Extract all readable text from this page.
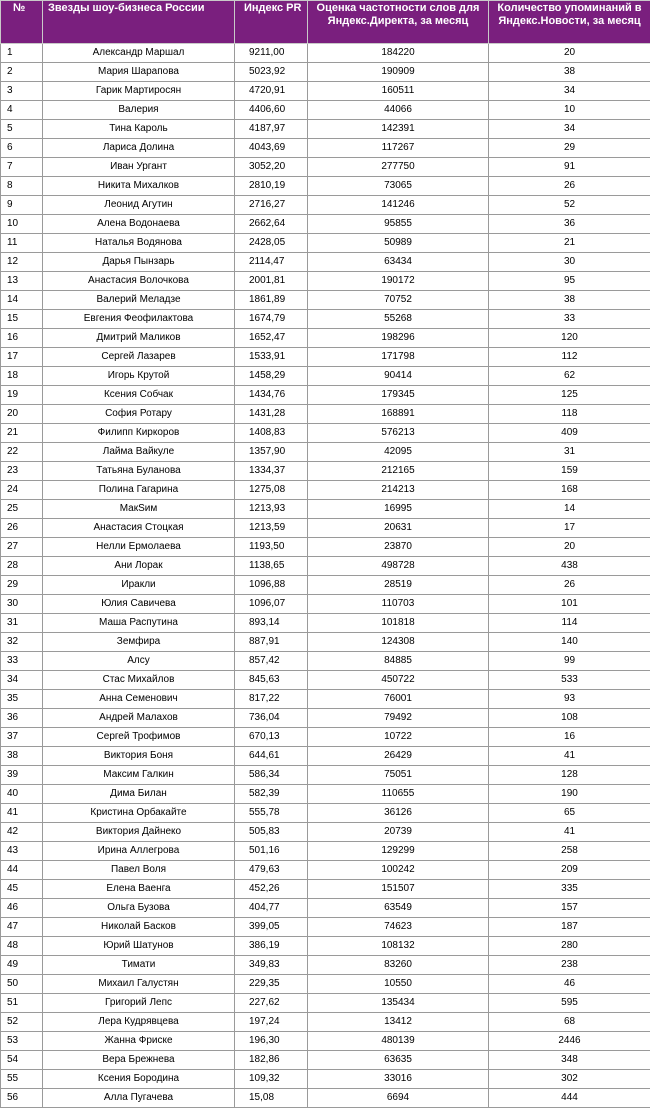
№	Звезды шоу-бизнеса России	Индекс PR	Оценка частотности слов для Яндекс.Директа, за месяц	Количество упоминаний в Яндекс.Новости, за месяц
1	Александр Маршал	9211,00	184220	20
2	Мария Шарапова	5023,92	190909	38
3	Гарик Мартиросян	4720,91	160511	34
4	Валерия	4406,60	44066	10
5	Тина Кароль	4187,97	142391	34
6	Лариса Долина	4043,69	117267	29
7	Иван Ургант	3052,20	277750	91
8	Никита Михалков	2810,19	73065	26
9	Леонид Агутин	2716,27	141246	52
10	Алена Водонаева	2662,64	95855	36
11	Наталья Водянова	2428,05	50989	21
12	Дарья Пынзарь	2114,47	63434	30
13	Анастасия Волочкова	2001,81	190172	95
14	Валерий Меладзе	1861,89	70752	38
15	Евгения Феофилактова	1674,79	55268	33
16	Дмитрий Маликов	1652,47	198296	120
17	Сергей Лазарев	1533,91	171798	112
18	Игорь Крутой	1458,29	90414	62
19	Ксения Собчак	1434,76	179345	125
20	София Ротару	1431,28	168891	118
21	Филипп Киркоров	1408,83	576213	409
22	Лайма Вайкуле	1357,90	42095	31
23	Татьяна Буланова	1334,37	212165	159
24	Полина Гагарина	1275,08	214213	168
25	МакSим	1213,93	16995	14
26	Анастасия Стоцкая	1213,59	20631	17
27	Нелли Ермолаева	1193,50	23870	20
28	Ани Лорак	1138,65	498728	438
29	Иракли	1096,88	28519	26
30	Юлия Савичева	1096,07	110703	101
31	Маша Распутина	893,14	101818	114
32	Земфира	887,91	124308	140
33	Алсу	857,42	84885	99
34	Стас Михайлов	845,63	450722	533
35	Анна Семенович	817,22	76001	93
36	Андрей Малахов	736,04	79492	108
37	Сергей Трофимов	670,13	10722	16
38	Виктория Боня	644,61	26429	41
39	Максим Галкин	586,34	75051	128
40	Дима Билан	582,39	110655	190
41	Кристина Орбакайте	555,78	36126	65
42	Виктория Дайнеко	505,83	20739	41
43	Ирина Аллегрова	501,16	129299	258
44	Павел Воля	479,63	100242	209
45	Елена Ваенга	452,26	151507	335
46	Ольга Бузова	404,77	63549	157
47	Николай Басков	399,05	74623	187
48	Юрий Шатунов	386,19	108132	280
49	Тимати	349,83	83260	238
50	Михаил Галустян	229,35	10550	46
51	Григорий Лепс	227,62	135434	595
52	Лера Кудрявцева	197,24	13412	68
53	Жанна Фриске	196,30	480139	2446
54	Вера Брежнева	182,86	63635	348
55	Ксения Бородина	109,32	33016	302
56	Алла Пугачева	15,08	6694	444
